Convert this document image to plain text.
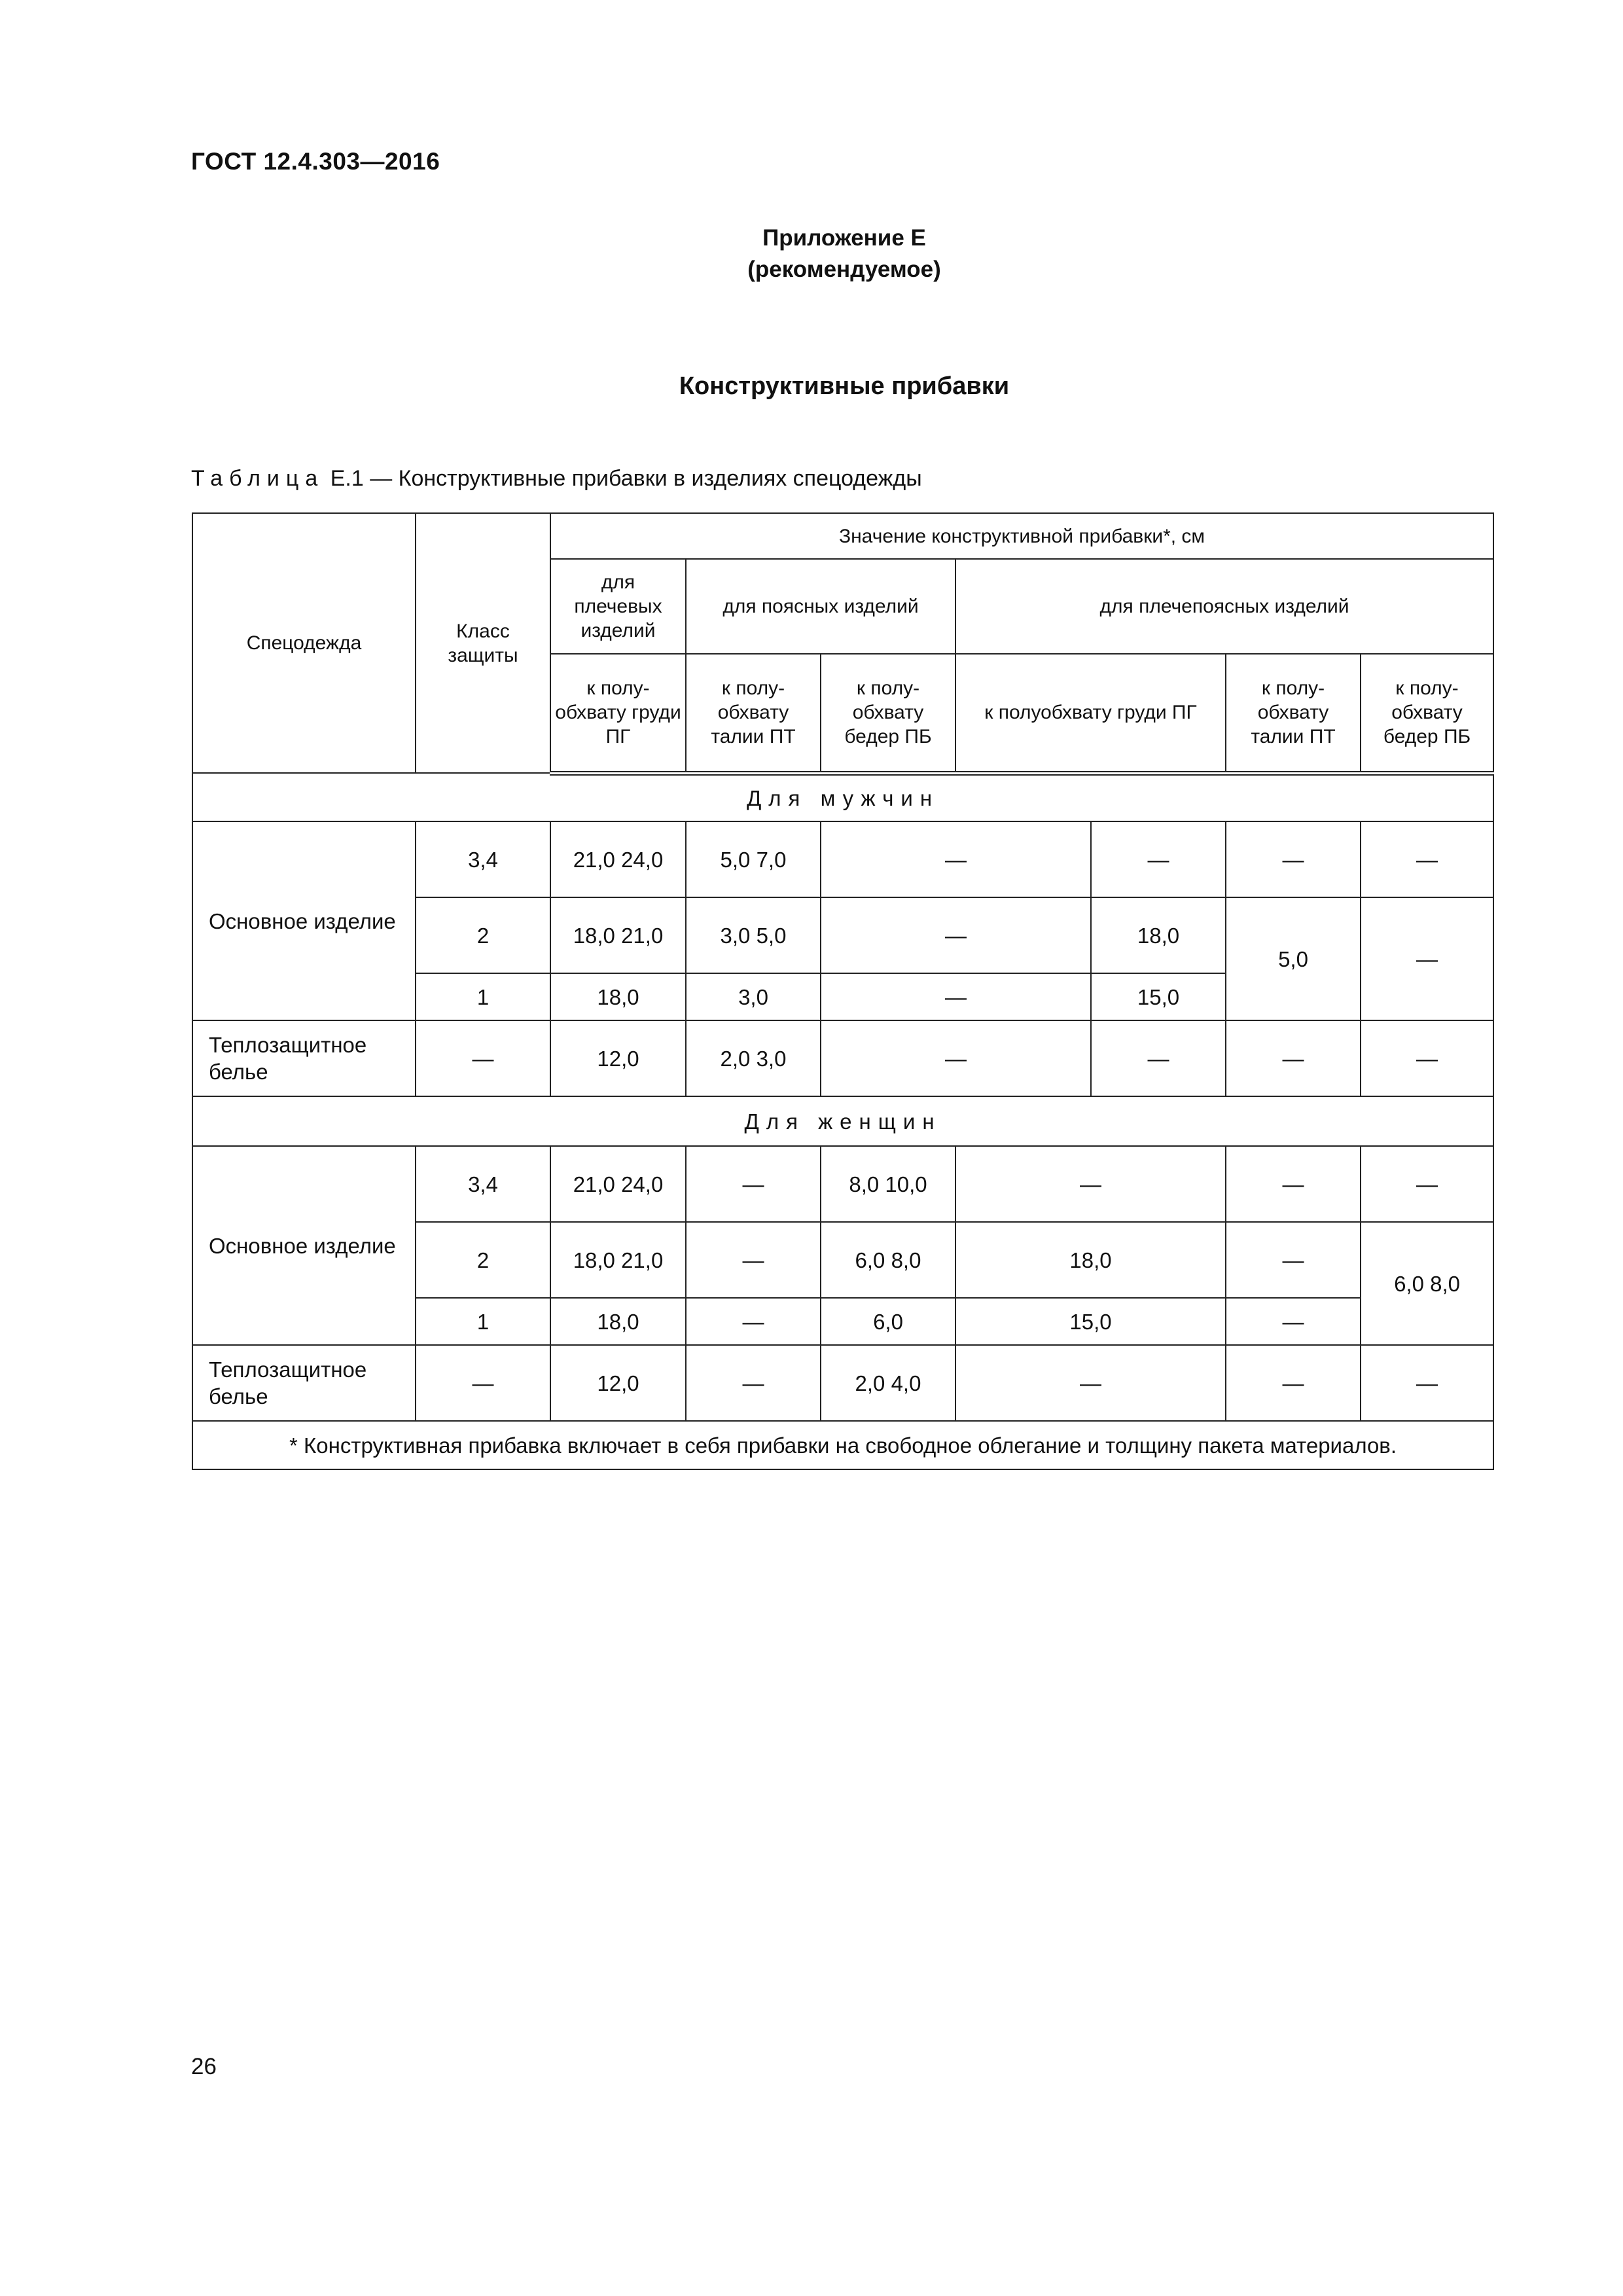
ГОСТ 12.4.303—2016

Приложение Е
(рекомендуемое)

Конструктивные прибавки

Таблица Е.1 — Конструктивные прибавки в изделиях спецодежды

Спецодежда	Класс защиты	Значение конструктивной прибавки*, см						
		для плечевых изделий	для поясных изделий		для плечепоясных изделий			
		к полу-обхвату груди ПГ	к полу-обхвату талии ПТ	к полу-обхвату бедер ПБ	к полуобхвату груди ПГ		к полу-обхвату талии ПТ	к полу-обхвату бедер ПБ
Для мужчин								
Основное изделие	3,4	21,0 24,0	5,0 7,0	—		—	—	—
	2	18,0 21,0	3,0 5,0	—		18,0	5,0	—
	1	18,0	3,0	—		15,0		
Теплозащитное белье	—	12,0	2,0 3,0	—		—	—	—
Для женщин								
Основное изделие	3,4	21,0 24,0	—	8,0 10,0	—		—	—
	2	18,0 21,0	—	6,0 8,0	18,0		—	6,0 8,0
	1	18,0	—	6,0	15,0		—	
Теплозащитное белье	—	12,0	—	2,0 4,0	—		—	—
* Конструктивная прибавка включает в себя прибавки на свободное облегание и толщину пакета материалов.								

26
